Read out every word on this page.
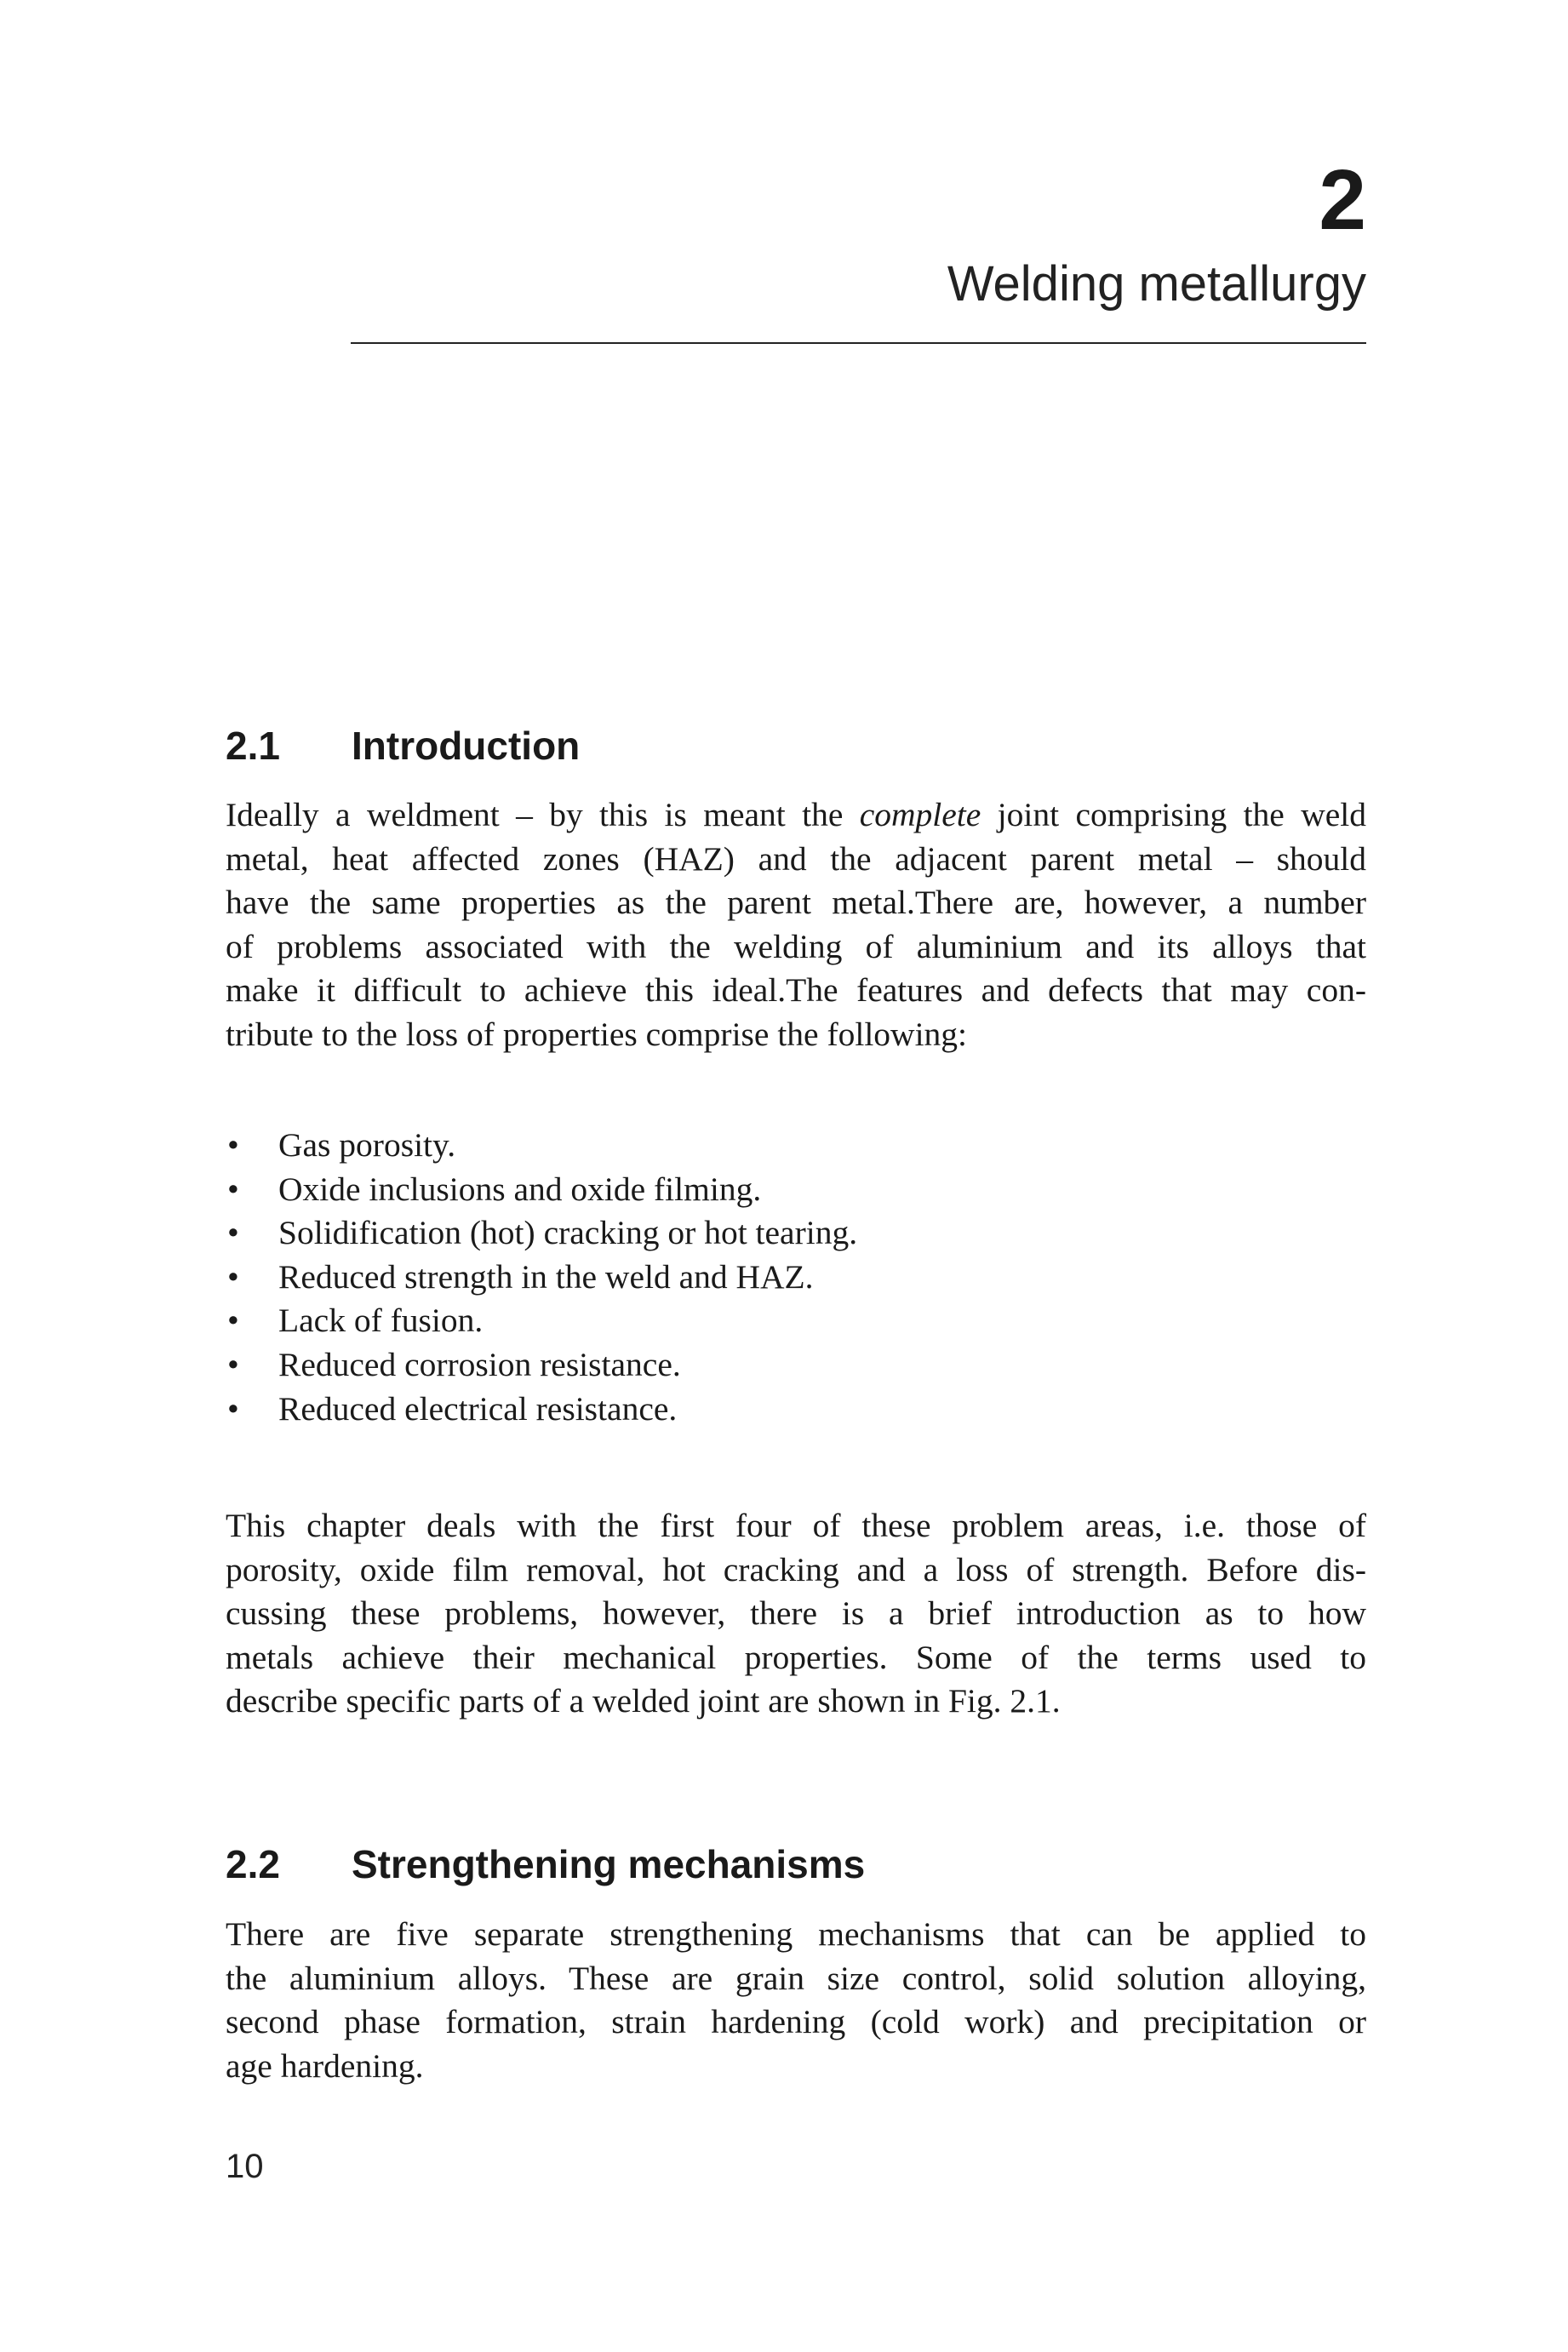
2
Welding metallurgy
2.1 Introduction

Ideally a weldment – by this is meant the complete joint comprising the weld
metal, heat affected zones (HAZ) and the adjacent parent metal – should
have the same properties as the parent metal.There are, however, a number
of problems associated with the welding of aluminium and its alloys that
make it difficult to achieve this ideal.The features and defects that may con-
tribute to the loss of properties comprise the following:

• Gas porosity.
• Oxide inclusions and oxide filming.
• Solidification (hot) cracking or hot tearing.
• Reduced strength in the weld and HAZ.
• Lack of fusion.
• Reduced corrosion resistance.
• Reduced electrical resistance.

This chapter deals with the first four of these problem areas, i.e. those of
porosity, oxide film removal, hot cracking and a loss of strength. Before dis-
cussing these problems, however, there is a brief introduction as to how
metals achieve their mechanical properties. Some of the terms used to
describe specific parts of a welded joint are shown in Fig. 2.1.

2.2 Strengthening mechanisms

There are five separate strengthening mechanisms that can be applied to
the aluminium alloys. These are grain size control, solid solution alloying,
second phase formation, strain hardening (cold work) and precipitation or
age hardening.

10
